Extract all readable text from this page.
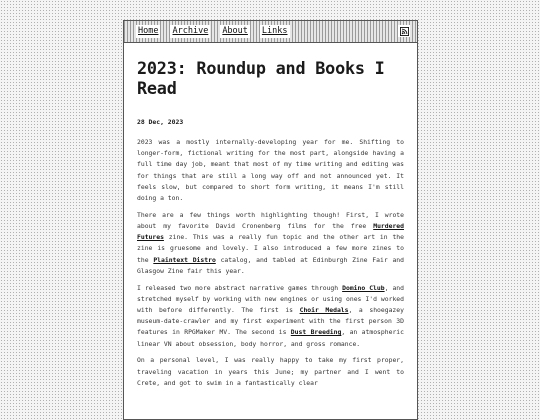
Home Archive About Links
2023: Roundup and Books I Read
28 Dec, 2023

2023 was a mostly internally-developing year for me. Shifting to longer-form, fictional writing for the most part, alongside having a full time day job, meant that most of my time writing and editing was for things that are still a long way off and not announced yet. It feels slow, but compared to short form writing, it means I'm still doing a ton.

There are a few things worth highlighting though! First, I wrote about my favorite David Cronenberg films for the free Murdered Futures zine. This was a really fun topic and the other art in the zine is gruesome and lovely. I also introduced a few more zines to the Plaintext Distro catalog, and tabled at Edinburgh Zine Fair and Glasgow Zine fair this year.

I released two more abstract narrative games through Domino Club, and stretched myself by working with new engines or using ones I'd worked with before differently. The first is Choir Medals, a shoegazey museum-date-crawler and my first experiment with the first person 3D features in RPGMaker MV. The second is Dust Breeding, an atmospheric linear VN about obsession, body horror, and gross romance.

On a personal level, I was really happy to take my first proper, traveling vacation in years this June; my partner and I went to Crete, and got to swim in a fantastically clear
